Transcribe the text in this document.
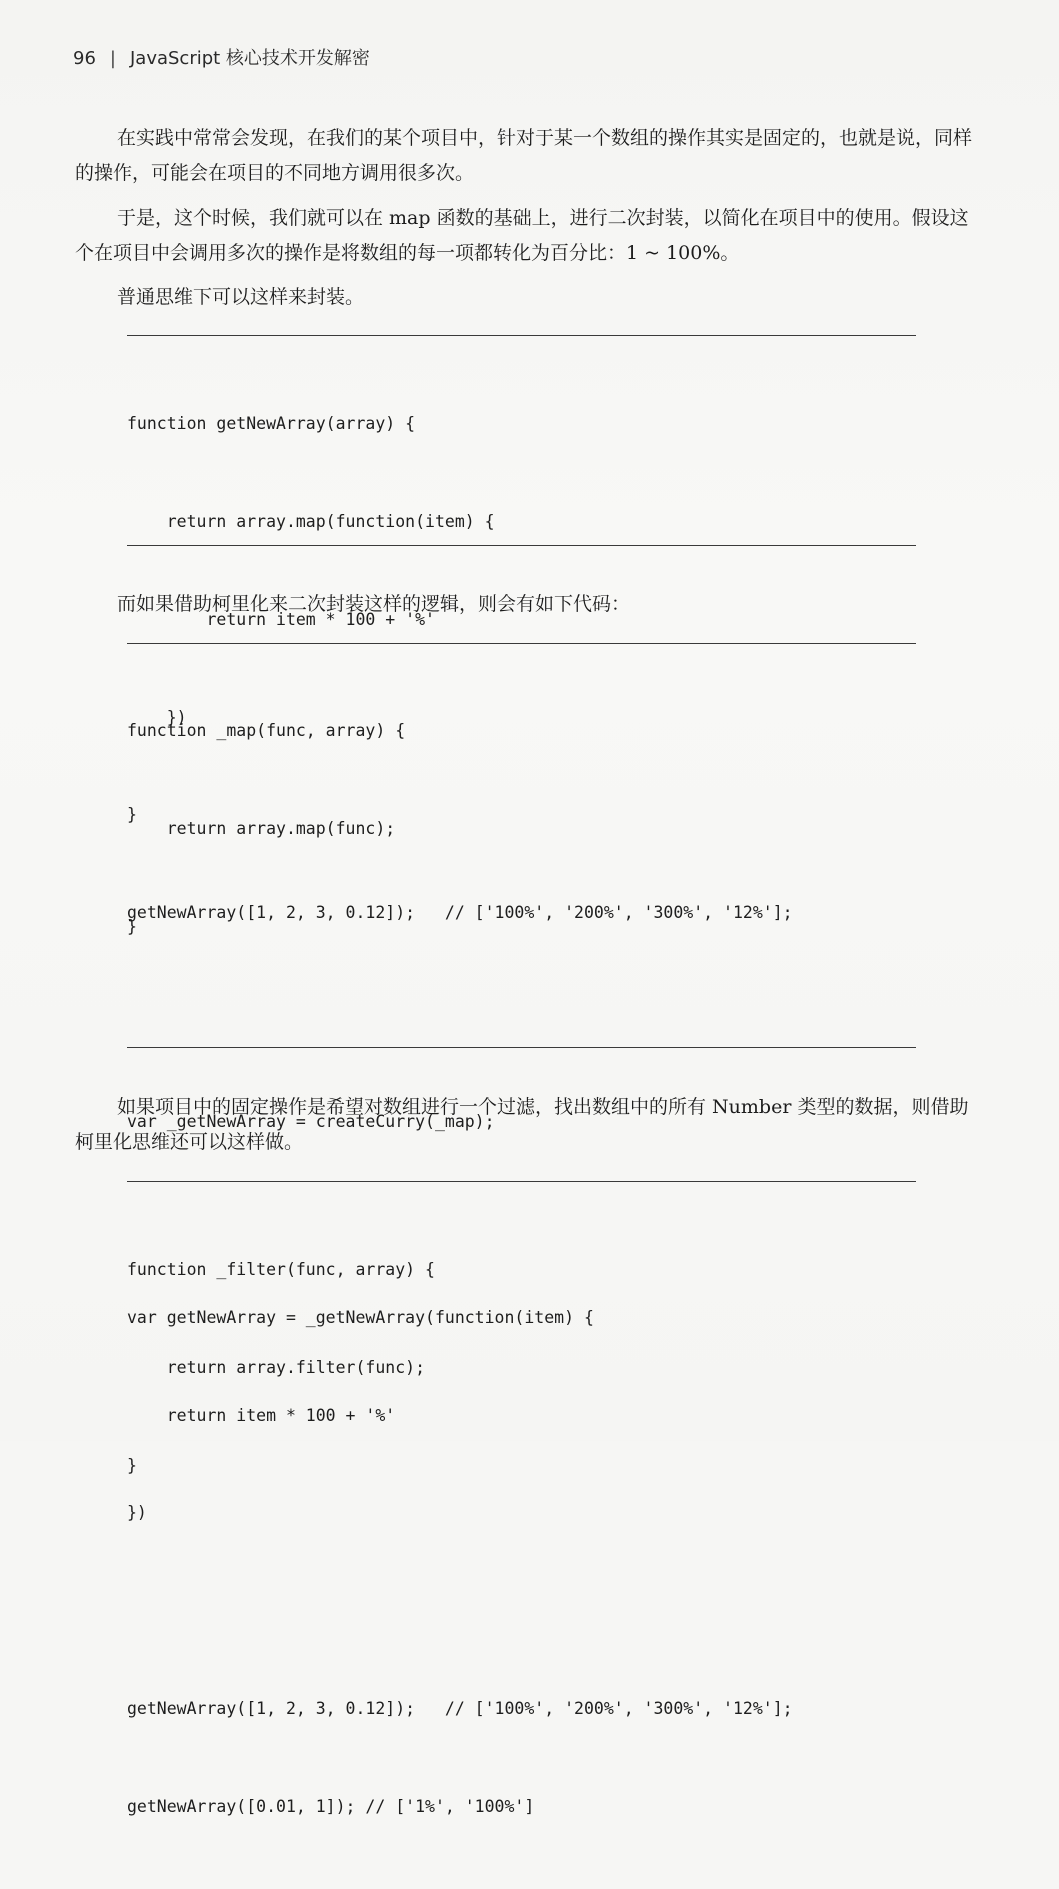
96 | JavaScript 核心技术开发解密

在实践中常常会发现，在我们的某个项目中，针对于某一个数组的操作其实是固定的，也就是说，同样的操作，可能会在项目的不同地方调用很多次。

于是，这个时候，我们就可以在 map 函数的基础上，进行二次封装，以简化在项目中的使用。假设这个在项目中会调用多次的操作是将数组的每一项都转化为百分比：1 ~ 100%。

普通思维下可以这样来封装。

function getNewArray(array) {

return array.map(function(item) {

return item * 100 + '%'

})

}

getNewArray([1, 2, 3, 0.12]);   // ['100%', '200%', '300%', '12%'];

而如果借助柯里化来二次封装这样的逻辑，则会有如下代码：

function _map(func, array) {

return array.map(func);

}

var _getNewArray = createCurry(_map);

var getNewArray = _getNewArray(function(item) {

return item * 100 + '%'

})

getNewArray([1, 2, 3, 0.12]);   // ['100%', '200%', '300%', '12%'];

getNewArray([0.01, 1]); // ['1%', '100%']

如果项目中的固定操作是希望对数组进行一个过滤，找出数组中的所有 Number 类型的数据，则借助柯里化思维还可以这样做。

function _filter(func, array) {

return array.filter(func);

}
